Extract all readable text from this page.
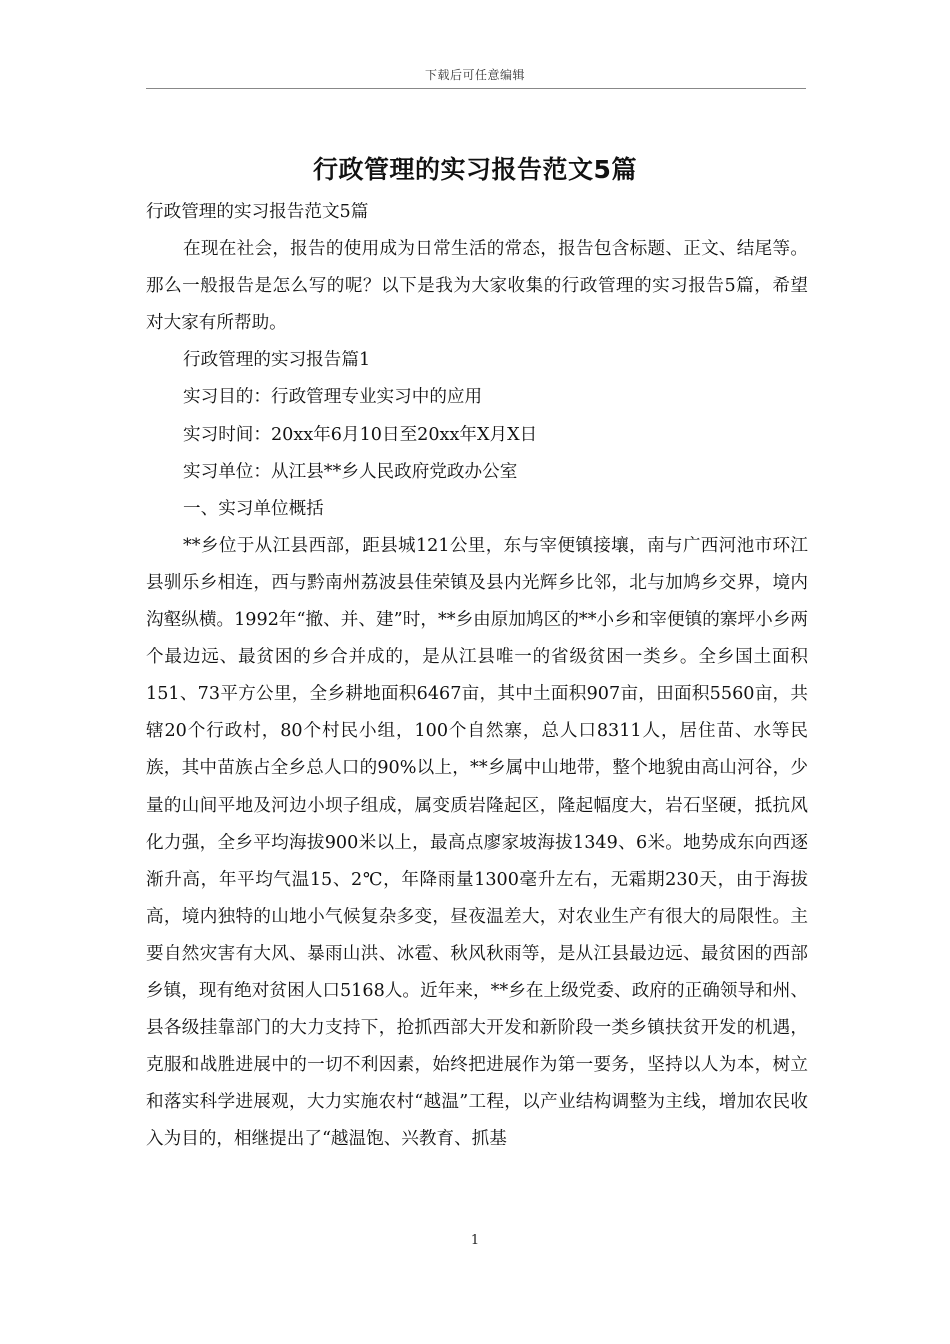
下载后可任意编辑
行政管理的实习报告范文5篇

行政管理的实习报告范文5篇

在现在社会，报告的使用成为日常生活的常态，报告包含标题、正文、结尾等。那么一般报告是怎么写的呢？以下是我为大家收集的行政管理的实习报告5篇，希望对大家有所帮助。

行政管理的实习报告篇1

实习目的：行政管理专业实习中的应用

实习时间：20xx年6月10日至20xx年X月X日

实习单位：从江县**乡人民政府党政办公室

一、实习单位概括

**乡位于从江县西部，距县城121公里，东与宰便镇接壤，南与广西河池市环江县驯乐乡相连，西与黔南州荔波县佳荣镇及县内光辉乡比邻，北与加鸠乡交界，境内沟壑纵横。1992年“撤、并、建”时，**乡由原加鸠区的**小乡和宰便镇的寨坪小乡两个最边远、最贫困的乡合并成的，是从江县唯一的省级贫困一类乡。全乡国土面积151、73平方公里，全乡耕地面积6467亩，其中土面积907亩，田面积5560亩，共辖20个行政村，80个村民小组，100个自然寨，总人口8311人，居住苗、水等民族，其中苗族占全乡总人口的90%以上，**乡属中山地带，整个地貌由高山河谷，少量的山间平地及河边小坝子组成，属变质岩隆起区，隆起幅度大，岩石坚硬，抵抗风化力强，全乡平均海拔900米以上，最高点廖家坡海拔1349、6米。地势成东向西逐渐升高，年平均气温15、2℃，年降雨量1300毫升左右，无霜期230天，由于海拔高，境内独特的山地小气候复杂多变，昼夜温差大，对农业生产有很大的局限性。主要自然灾害有大风、暴雨山洪、冰雹、秋风秋雨等，是从江县最边远、最贫困的西部乡镇，现有绝对贫困人口5168人。近年来，**乡在上级党委、政府的正确领导和州、县各级挂靠部门的大力支持下，抢抓西部大开发和新阶段一类乡镇扶贫开发的机遇，克服和战胜进展中的一切不利因素，始终把进展作为第一要务，坚持以人为本，树立和落实科学进展观，大力实施农村“越温”工程，以产业结构调整为主线，增加农民收入为目的，相继提出了“越温饱、兴教育、抓基

1
